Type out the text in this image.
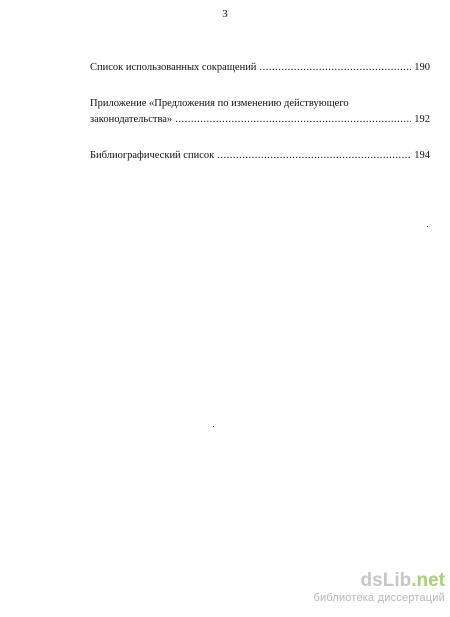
3
Список использованных сокращений .....	190
Приложение «Предложения по изменению действующего
законодательства» .....	192
Библиографический список .....	194
dsLib.net
библиотека диссертаций
